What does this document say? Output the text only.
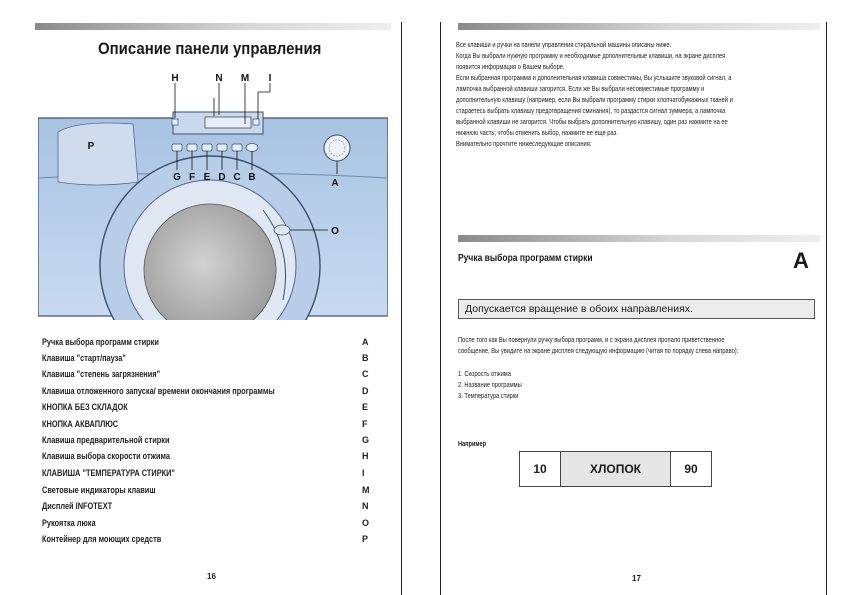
Описание панели управления
H	N M I
G F E D C B
P
A
O
Ручка выбора программ стирки	A
Клавиша "старт/пауза"	B
Клавиша "степень загрязнения"	C
Клавиша отложенного запуска/ времени окончания программы	D
КНОПКА БЕЗ СКЛАДОК	E
КНОПКА АКВАПЛЮС	F
Клавиша предварительной стирки	G
Клавиша выбора скорости отжима	H
КЛАВИША "ТЕМПЕРАТУРА СТИРКИ"	I
Световые индикаторы клавиш	M
Дисплей INFOTEXT	N
Рукоятка люка	O
Контейнер для моющих средств	P
16

Все клавиши и ручки на панели управления стиральной машины описаны ниже.

Когда Вы выбрали нужную программу и необходимые дополнительные клавиши, на экране дисплея

появится информация о Вашем выборе.

Если выбранная программа и дополнительная клавиша совместимы, Вы услышите звуковой сигнал, а

лампочка выбранной клавиши загорится. Если же Вы выбрали несовместимые программу и

дополнительную клавишу (например, если Вы выбрали программу стирки хлопчатобумажных тканей и

стараетесь выбрать клавишу предотвращения сминания), то раздастся сигнал зуммера, а лампочка

выбранной клавиши не загорится. Чтобы выбрать дополнительную клавишу, один раз нажмите на ее

нижнюю часть; чтобы отменить выбор, нажмите ее еще раз.

Внимательно прочтите нижеследующие описания:

Ручка выбора программ стирки	A
Допускается вращение в обоих направлениях.

После того как Вы повернули ручку выбора программ, и с экрана дисплея пропало приветственное

сообщение, Вы увидите на экране дисплея следующую информацию (читая по порядку слева направо):

1. Скорость отжима

2. Название программы

3. Температура стирки

Например
10	ХЛОПОК	90
17
